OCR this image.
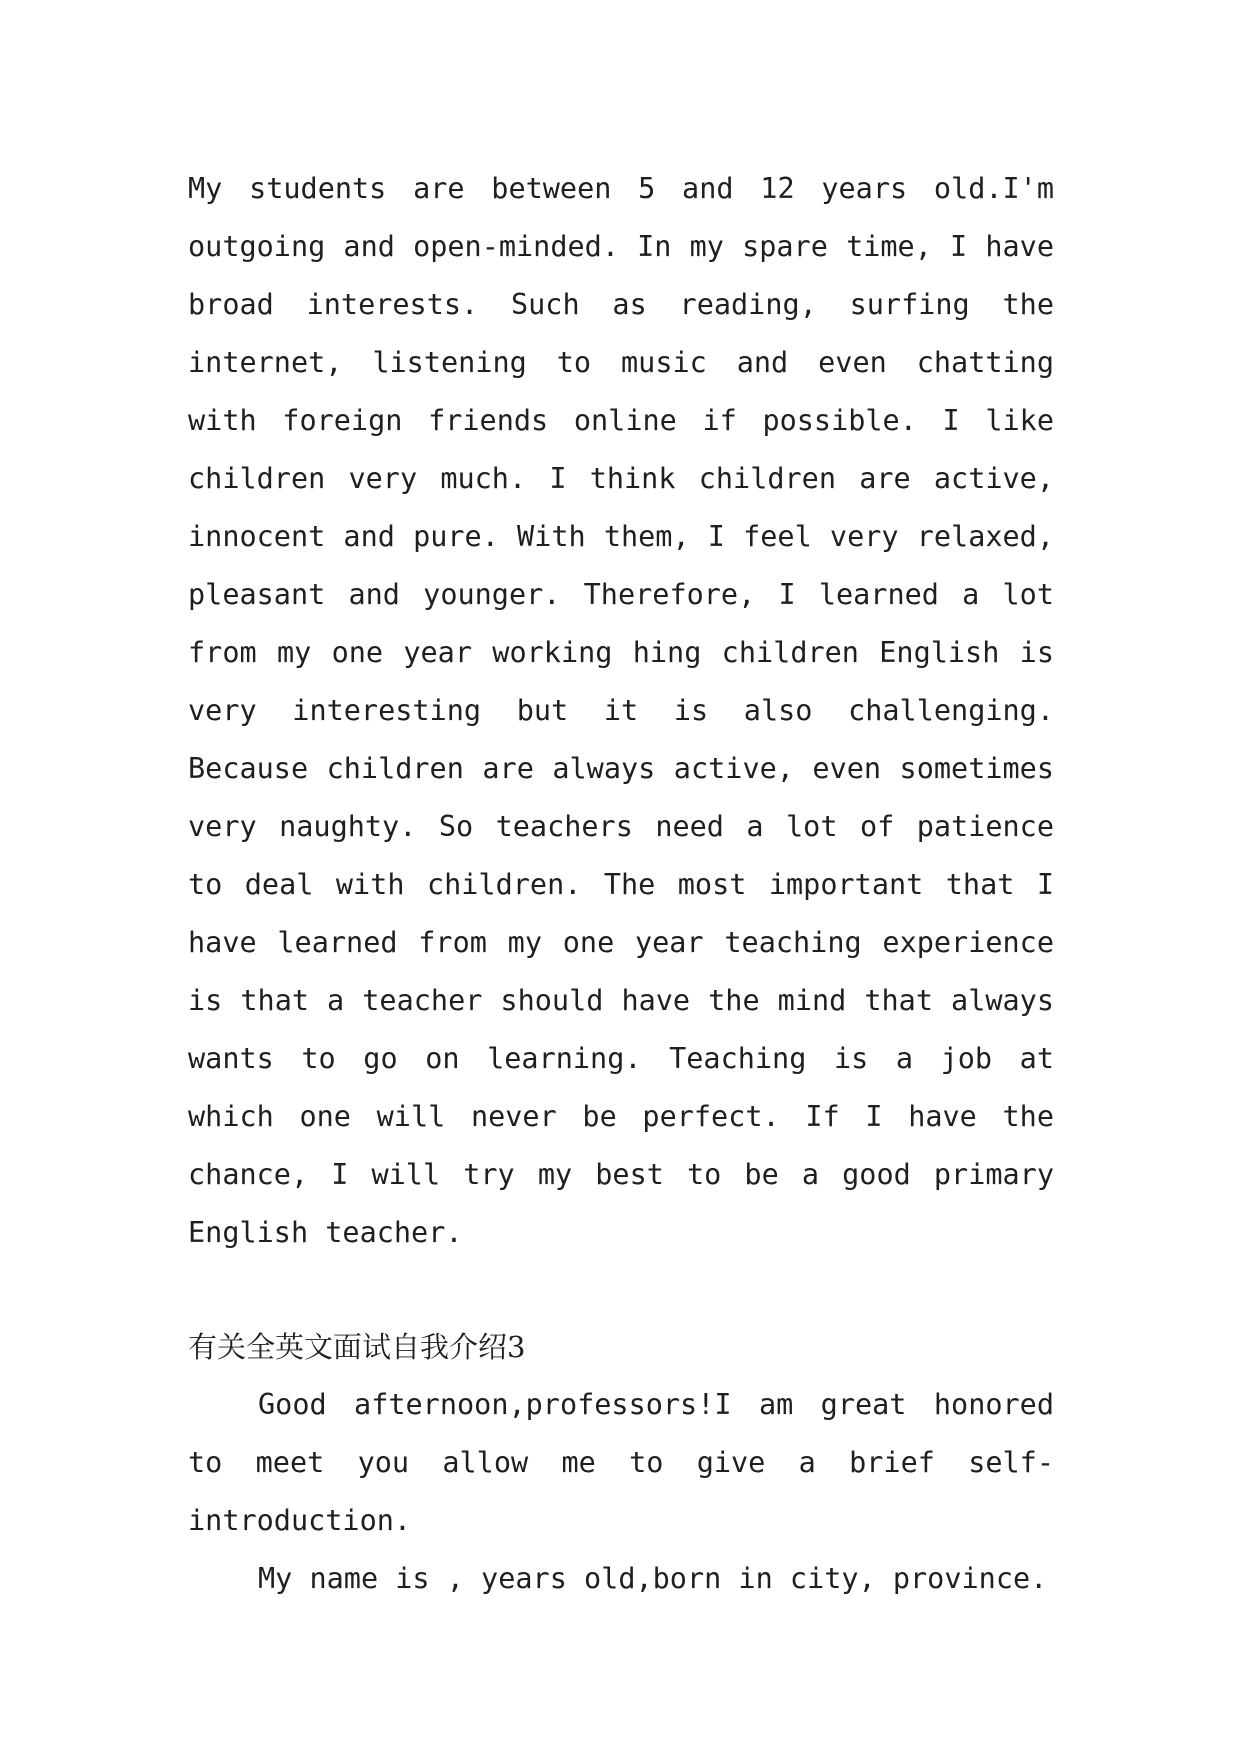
My students are between 5 and 12 years old.I'm outgoing and open-minded. In my spare time, I have broad interests. Such as reading, surfing the internet, listening to music and even chatting with foreign friends online if possible. I like children very much. I think children are active, innocent and pure. With them, I feel very relaxed, pleasant and younger. Therefore, I learned a lot from my one year working hing children English is very interesting but it is also challenging. Because children are always active, even sometimes very naughty. So teachers need a lot of patience to deal with children. The most important that I have learned from my one year teaching experience is that a teacher should have the mind that always wants to go on learning. Teaching is a job at which one will never be perfect. If I have the chance, I will try my best to be a good primary English teacher.

有关全英文面试自我介绍3

Good afternoon,professors!I am great honored to meet you allow me to give a brief self-introduction.

My name is , years old,born in city, province.
